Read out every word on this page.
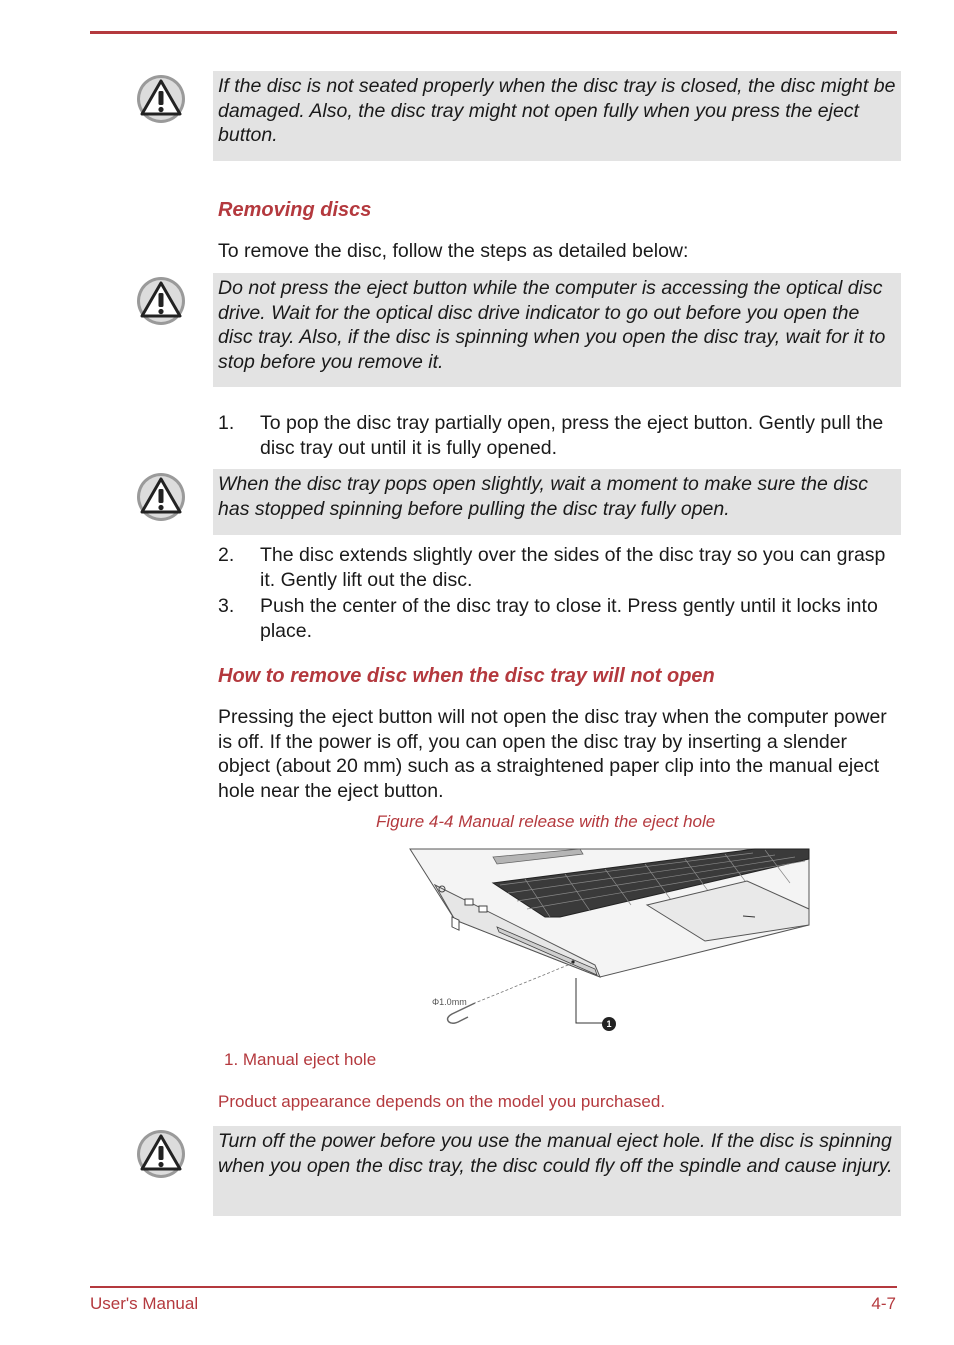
If the disc is not seated properly when the disc tray is closed, the disc might be damaged. Also, the disc tray might not open fully when you press the eject button.
Removing discs
To remove the disc, follow the steps as detailed below:
Do not press the eject button while the computer is accessing the optical disc drive. Wait for the optical disc drive indicator to go out before you open the disc tray. Also, if the disc is spinning when you open the disc tray, wait for it to stop before you remove it.
1. To pop the disc tray partially open, press the eject button. Gently pull the disc tray out until it is fully opened.
When the disc tray pops open slightly, wait a moment to make sure the disc has stopped spinning before pulling the disc tray fully open.
2. The disc extends slightly over the sides of the disc tray so you can grasp it. Gently lift out the disc.
3. Push the center of the disc tray to close it. Press gently until it locks into place.
How to remove disc when the disc tray will not open
Pressing the eject button will not open the disc tray when the computer power is off. If the power is off, you can open the disc tray by inserting a slender object (about 20 mm) such as a straightened paper clip into the manual eject hole near the eject button.
Figure 4-4 Manual release with the eject hole
Φ1.0mm
1
1. Manual eject hole
Product appearance depends on the model you purchased.
Turn off the power before you use the manual eject hole. If the disc is spinning when you open the disc tray, the disc could fly off the spindle and cause injury.
User's Manual	4-7
